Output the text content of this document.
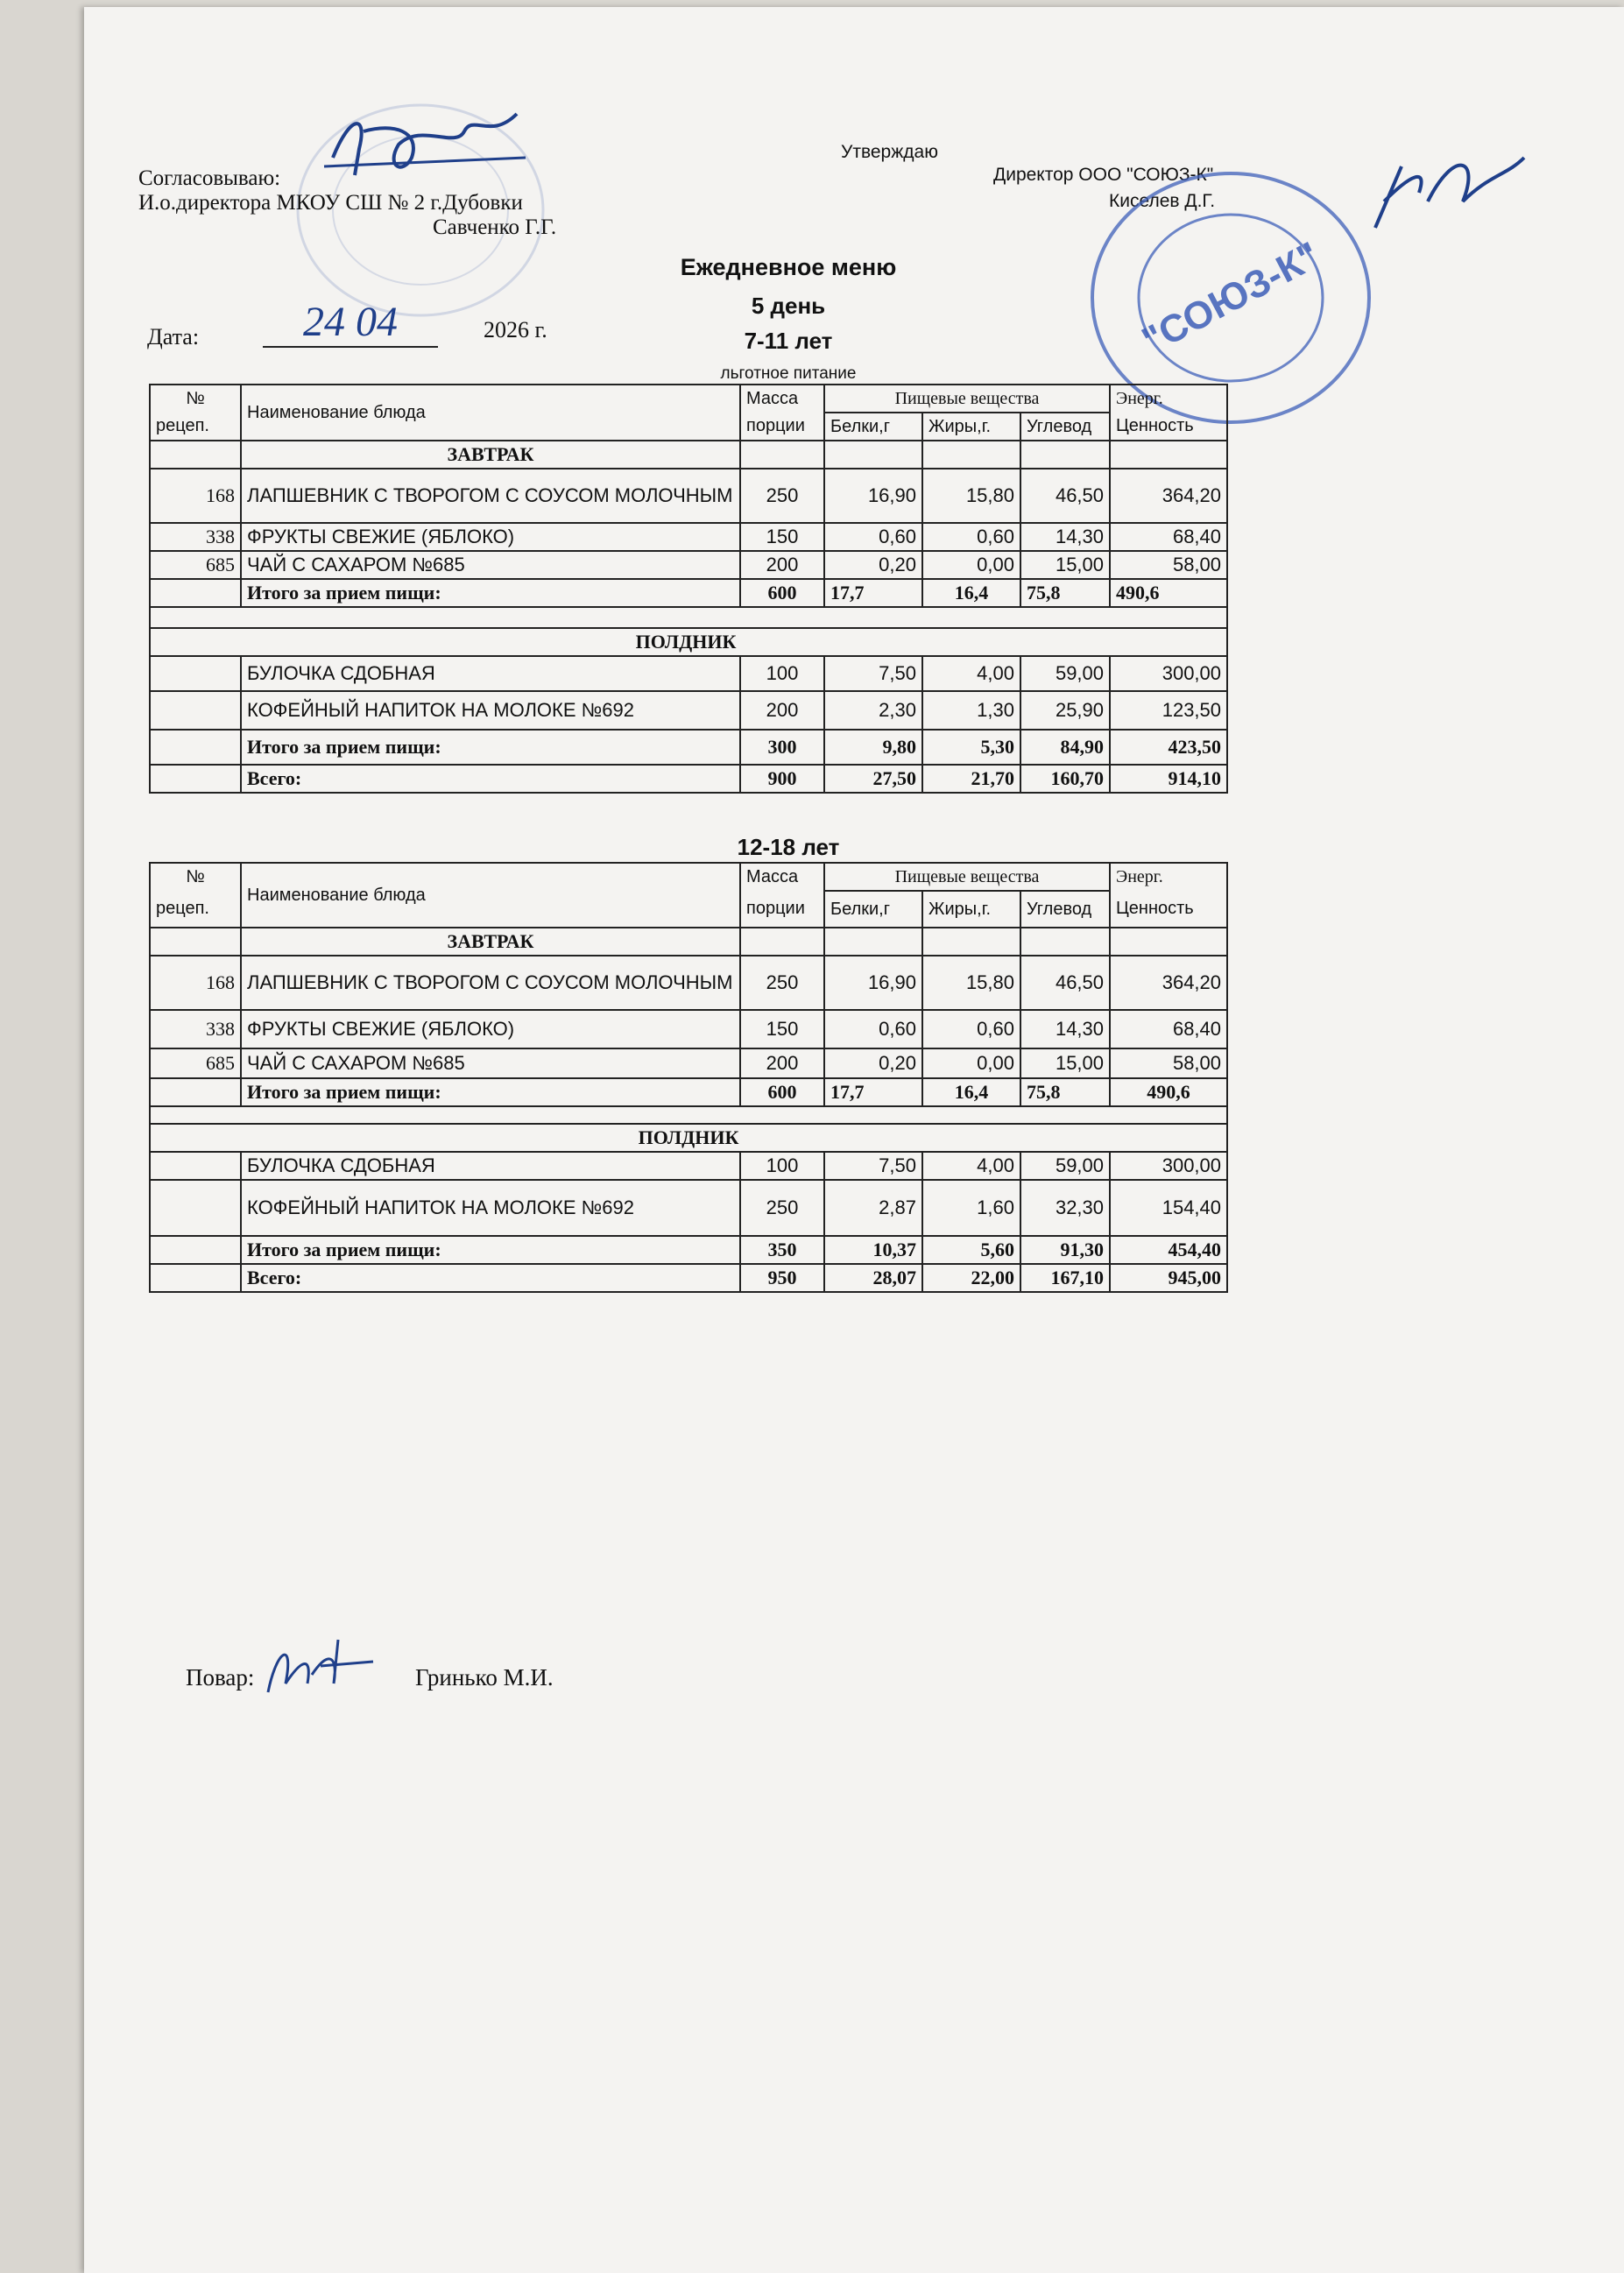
Согласовываю:
И.о.директора МКОУ СШ № 2 г.Дубовки
Савченко Г.Г.
Утверждаю
Директор ООО "СОЮЗ-К"
Киселев Д.Г.
"СОЮЗ-К"
Ежедневное меню
5 день
7-11 лет
льготное питание
Дата:	24 04	2026 г.
№	Наименование блюда	Масса	Пищевые вещества			Энерг.
рецеп.		порции	Белки,г	Жиры,г.	Углевод	Ценность
	ЗАВТРАК					
168	ЛАПШЕВНИК С ТВОРОГОМ С СОУСОМ МОЛОЧНЫМ	250	16,90	15,80	46,50	364,20
338	ФРУКТЫ СВЕЖИЕ (ЯБЛОКО)	150	0,60	0,60	14,30	68,40
685	ЧАЙ С САХАРОМ №685	200	0,20	0,00	15,00	58,00
	Итого за прием пищи:	600	17,7	16,4	75,8	490,6

ПОЛДНИК						
	БУЛОЧКА СДОБНАЯ	100	7,50	4,00	59,00	300,00
	КОФЕЙНЫЙ НАПИТОК НА МОЛОКЕ №692	200	2,30	1,30	25,90	123,50
	Итого за прием пищи:	300	9,80	5,30	84,90	423,50
	Всего:	900	27,50	21,70	160,70	914,10
12-18 лет
№	Наименование блюда	Масса	Пищевые вещества			Энерг.
рецеп.		порции	Белки,г	Жиры,г.	Углевод	Ценность
	ЗАВТРАК					
168	ЛАПШЕВНИК С ТВОРОГОМ С СОУСОМ МОЛОЧНЫМ	250	16,90	15,80	46,50	364,20
338	ФРУКТЫ СВЕЖИЕ (ЯБЛОКО)	150	0,60	0,60	14,30	68,40
685	ЧАЙ С САХАРОМ №685	200	0,20	0,00	15,00	58,00
	Итого за прием пищи:	600	17,7	16,4	75,8	490,6

ПОЛДНИК						
	БУЛОЧКА СДОБНАЯ	100	7,50	4,00	59,00	300,00
	КОФЕЙНЫЙ НАПИТОК НА МОЛОКЕ №692	250	2,87	1,60	32,30	154,40
	Итого за прием пищи:	350	10,37	5,60	91,30	454,40
	Всего:	950	28,07	22,00	167,10	945,00
Повар:	Гринько М.И.
